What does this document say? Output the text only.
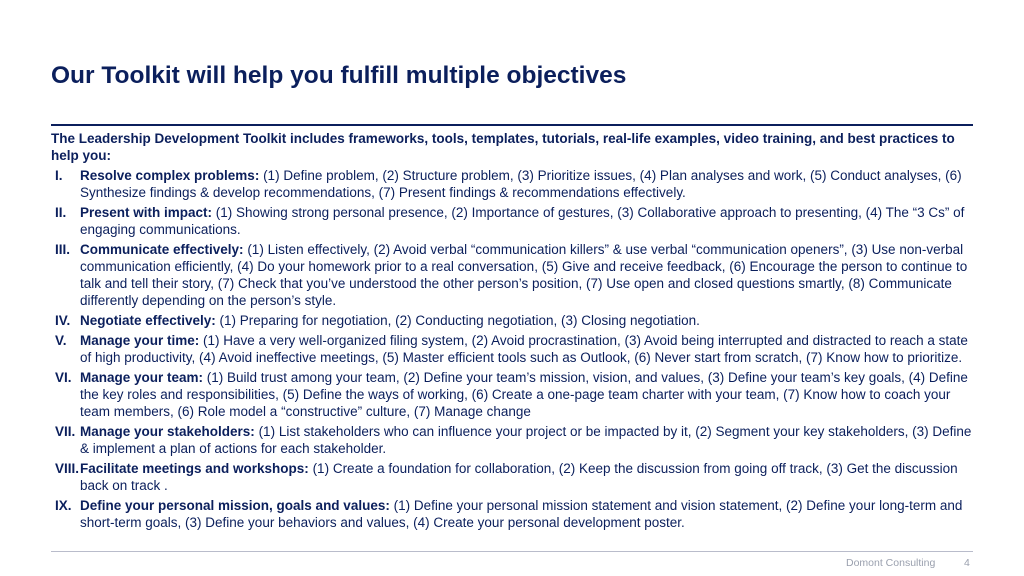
Our Toolkit will help you fulfill multiple objectives
The Leadership Development Toolkit includes frameworks, tools, templates, tutorials, real-life examples, video training, and best practices to help you:
I. Resolve complex problems: (1) Define problem, (2) Structure problem, (3) Prioritize issues, (4) Plan analyses and work, (5) Conduct analyses, (6) Synthesize findings & develop recommendations, (7) Present findings & recommendations effectively.
II. Present with impact: (1) Showing strong personal presence, (2) Importance of gestures, (3) Collaborative approach to presenting, (4) The “3 Cs” of engaging communications.
III. Communicate effectively: (1) Listen effectively, (2) Avoid verbal “communication killers” & use verbal “communication openers”, (3) Use non-verbal communication efficiently, (4) Do your homework prior to a real conversation, (5) Give and receive feedback, (6) Encourage the person to continue to talk and tell their story, (7) Check that you’ve understood the other person’s position, (7) Use open and closed questions smartly, (8) Communicate differently depending on the person’s style.
IV. Negotiate effectively: (1) Preparing for negotiation, (2) Conducting negotiation, (3) Closing negotiation.
V. Manage your time: (1) Have a very well-organized filing system, (2) Avoid procrastination, (3) Avoid being interrupted and distracted to reach a state of high productivity, (4) Avoid ineffective meetings, (5) Master efficient tools such as Outlook, (6) Never start from scratch, (7) Know how to prioritize.
VI. Manage your team: (1) Build trust among your team, (2) Define your team’s mission, vision, and values, (3) Define your team’s key goals, (4) Define the key roles and responsibilities, (5) Define the ways of working, (6) Create a one-page team charter with your team, (7) Know how to coach your team members, (6) Role model a “constructive” culture, (7) Manage change
VII. Manage your stakeholders: (1) List stakeholders who can influence your project or be impacted by it, (2) Segment your key stakeholders, (3) Define & implement a plan of actions for each stakeholder.
VIII. Facilitate meetings and workshops: (1) Create a foundation for collaboration, (2) Keep the discussion from going off track, (3) Get the discussion back on track .
IX. Define your personal mission, goals and values: (1) Define your personal mission statement and vision statement, (2) Define your long-term and short-term goals, (3) Define your behaviors and values, (4) Create your personal development poster.
Domont Consulting	4
